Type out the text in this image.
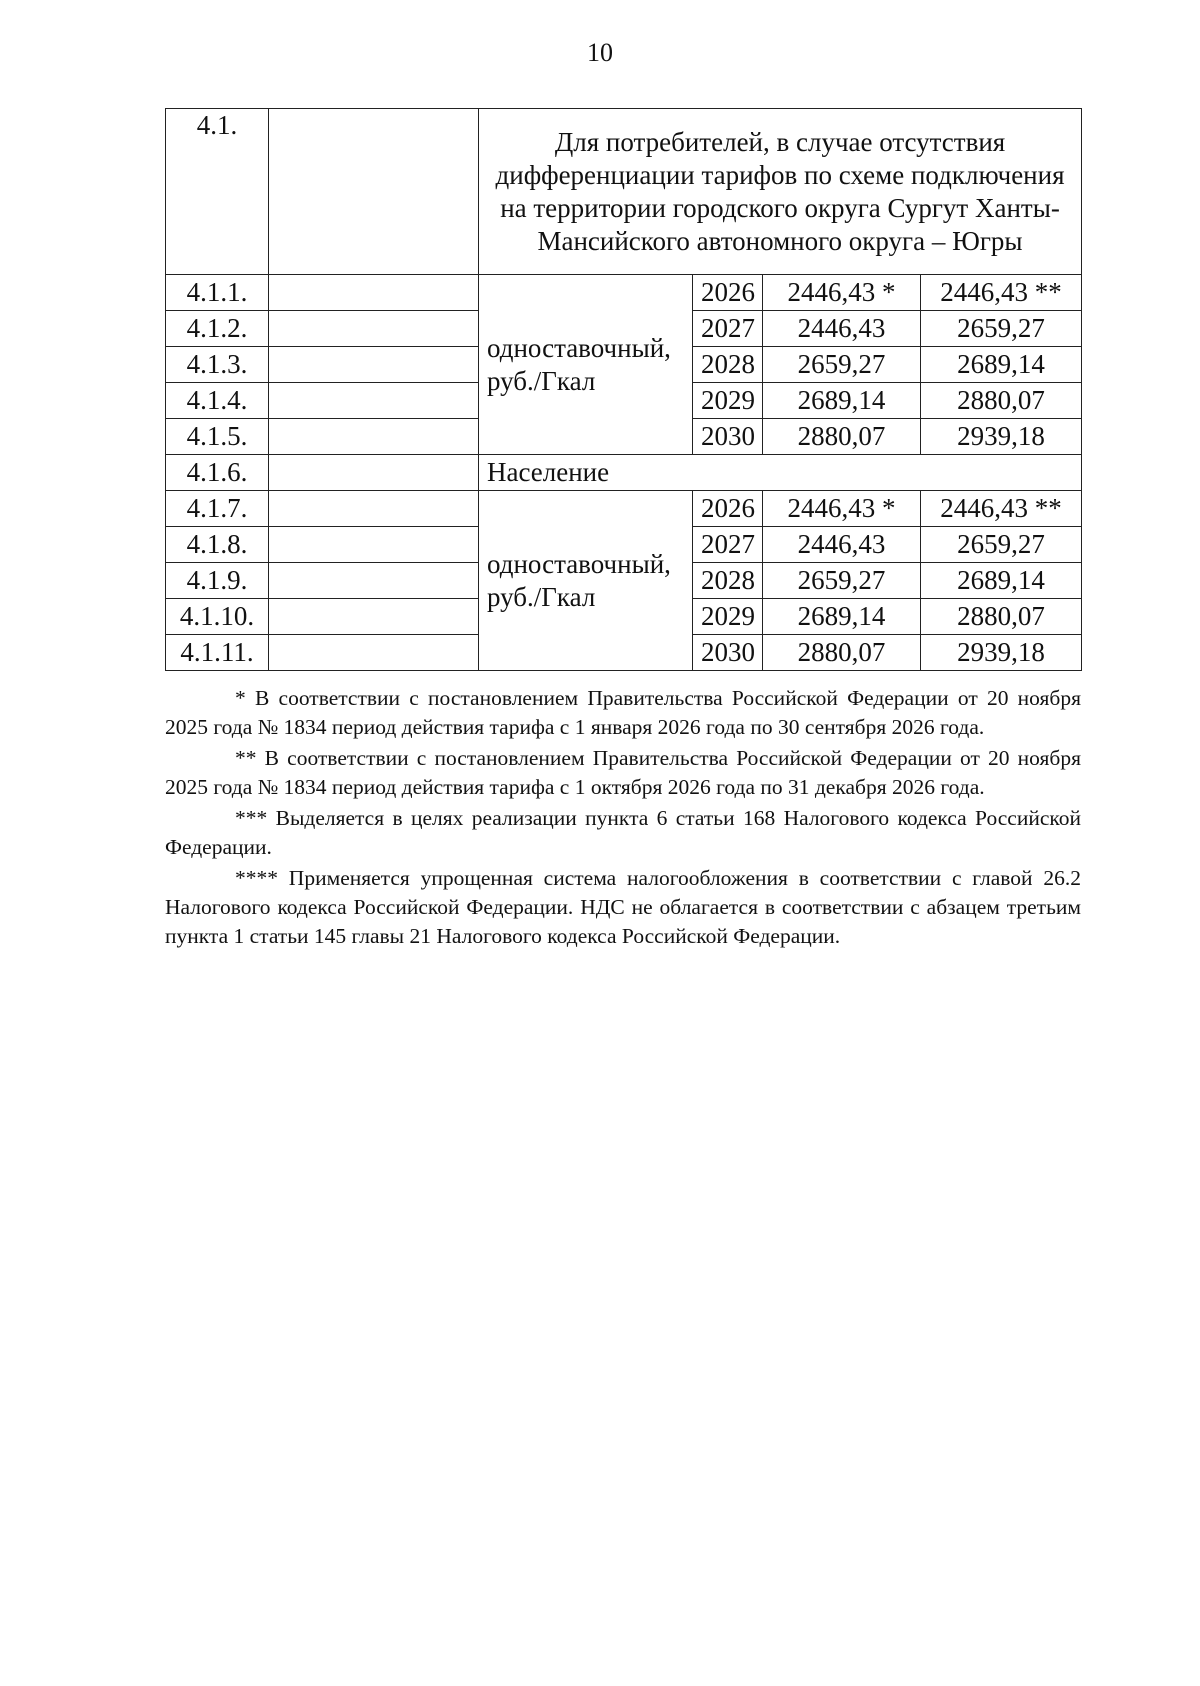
10
4.1.		Для потребителей, в случае отсутствия дифференциации тарифов по схеме подключения на территории городского округа Сургут Ханты-Мансийского автономного округа – Югры			
4.1.1.		одноставочный, руб./Гкал	2026	2446,43 *	2446,43 **
4.1.2.			2027	2446,43	2659,27
4.1.3.			2028	2659,27	2689,14
4.1.4.			2029	2689,14	2880,07
4.1.5.			2030	2880,07	2939,18
4.1.6.		Население			
4.1.7.		одноставочный, руб./Гкал	2026	2446,43 *	2446,43 **
4.1.8.			2027	2446,43	2659,27
4.1.9.			2028	2659,27	2689,14
4.1.10.			2029	2689,14	2880,07
4.1.11.			2030	2880,07	2939,18

* В соответствии с постановлением Правительства Российской Федерации от 20 ноября 2025 года № 1834 период действия тарифа с 1 января 2026 года по 30 сентября 2026 года.

** В соответствии с постановлением Правительства Российской Федерации от 20 ноября 2025 года № 1834 период действия тарифа с 1 октября 2026 года по 31 декабря 2026 года.

*** Выделяется в целях реализации пункта 6 статьи 168 Налогового кодекса Российской Федерации.

**** Применяется упрощенная система налогообложения в соответствии с главой 26.2 Налогового кодекса Российской Федерации. НДС не облагается в соответствии с абзацем третьим пункта 1 статьи 145 главы 21 Налогового кодекса Российской Федерации.
